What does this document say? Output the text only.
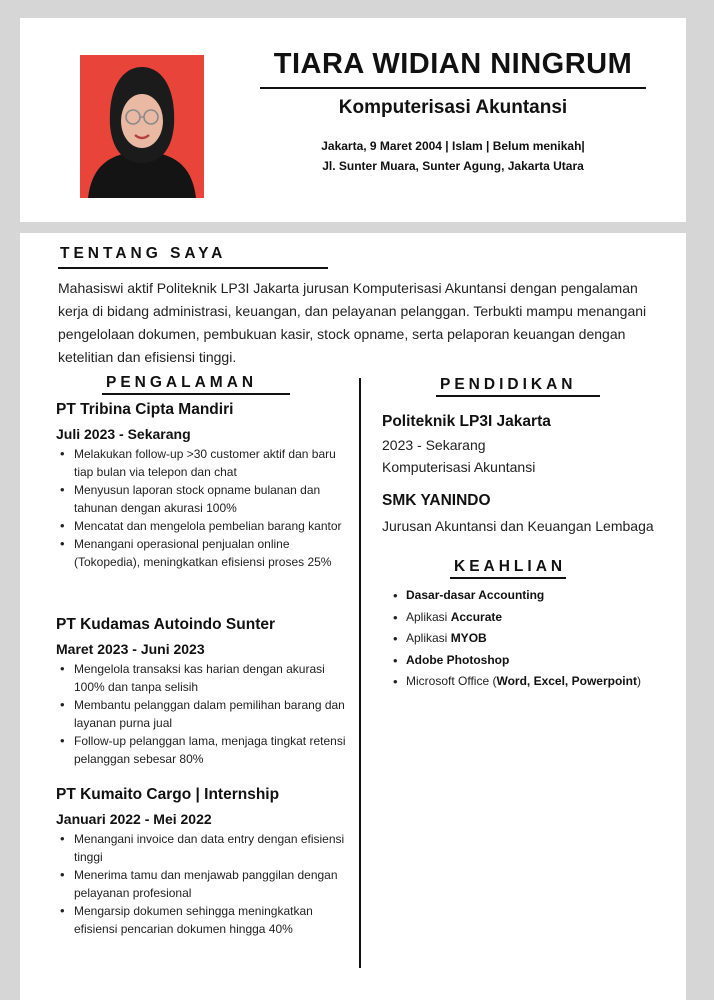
TIARA WIDIAN NINGRUM
Komputerisasi Akuntansi
Jakarta, 9 Maret 2004 | Islam | Belum menikah|
Jl. Sunter Muara, Sunter Agung, Jakarta Utara
TENTANG SAYA
Mahasiswi aktif Politeknik LP3I Jakarta jurusan Komputerisasi Akuntansi dengan pengalaman kerja di bidang administrasi, keuangan, dan pelayanan pelanggan. Terbukti mampu menangani pengelolaan dokumen, pembukuan kasir, stock opname, serta pelaporan keuangan dengan ketelitian dan efisiensi tinggi.
PENGALAMAN
PT Tribina Cipta Mandiri
Juli 2023 - Sekarang
• Melakukan follow-up >30 customer aktif dan baru tiap bulan via telepon dan chat
• Menyusun laporan stock opname bulanan dan tahunan dengan akurasi 100%
• Mencatat dan mengelola pembelian barang kantor
• Menangani operasional penjualan online (Tokopedia), meningkatkan efisiensi proses 25%
PT Kudamas Autoindo Sunter
Maret 2023 - Juni 2023
• Mengelola transaksi kas harian dengan akurasi 100% dan tanpa selisih
• Membantu pelanggan dalam pemilihan barang dan layanan purna jual
• Follow-up pelanggan lama, menjaga tingkat retensi pelanggan sebesar 80%
PT Kumaito Cargo | Internship
Januari 2022 - Mei 2022
• Menangani invoice dan data entry dengan efisiensi tinggi
• Menerima tamu dan menjawab panggilan dengan pelayanan profesional
• Mengarsip dokumen sehingga meningkatkan efisiensi pencarian dokumen hingga 40%
PENDIDIKAN
Politeknik LP3I Jakarta
2023 - Sekarang
Komputerisasi Akuntansi
SMK YANINDO
Jurusan Akuntansi dan Keuangan Lembaga
KEAHLIAN
• Dasar-dasar Accounting
• Aplikasi Accurate
• Aplikasi MYOB
• Adobe Photoshop
• Microsoft Office (Word, Excel, Powerpoint)
